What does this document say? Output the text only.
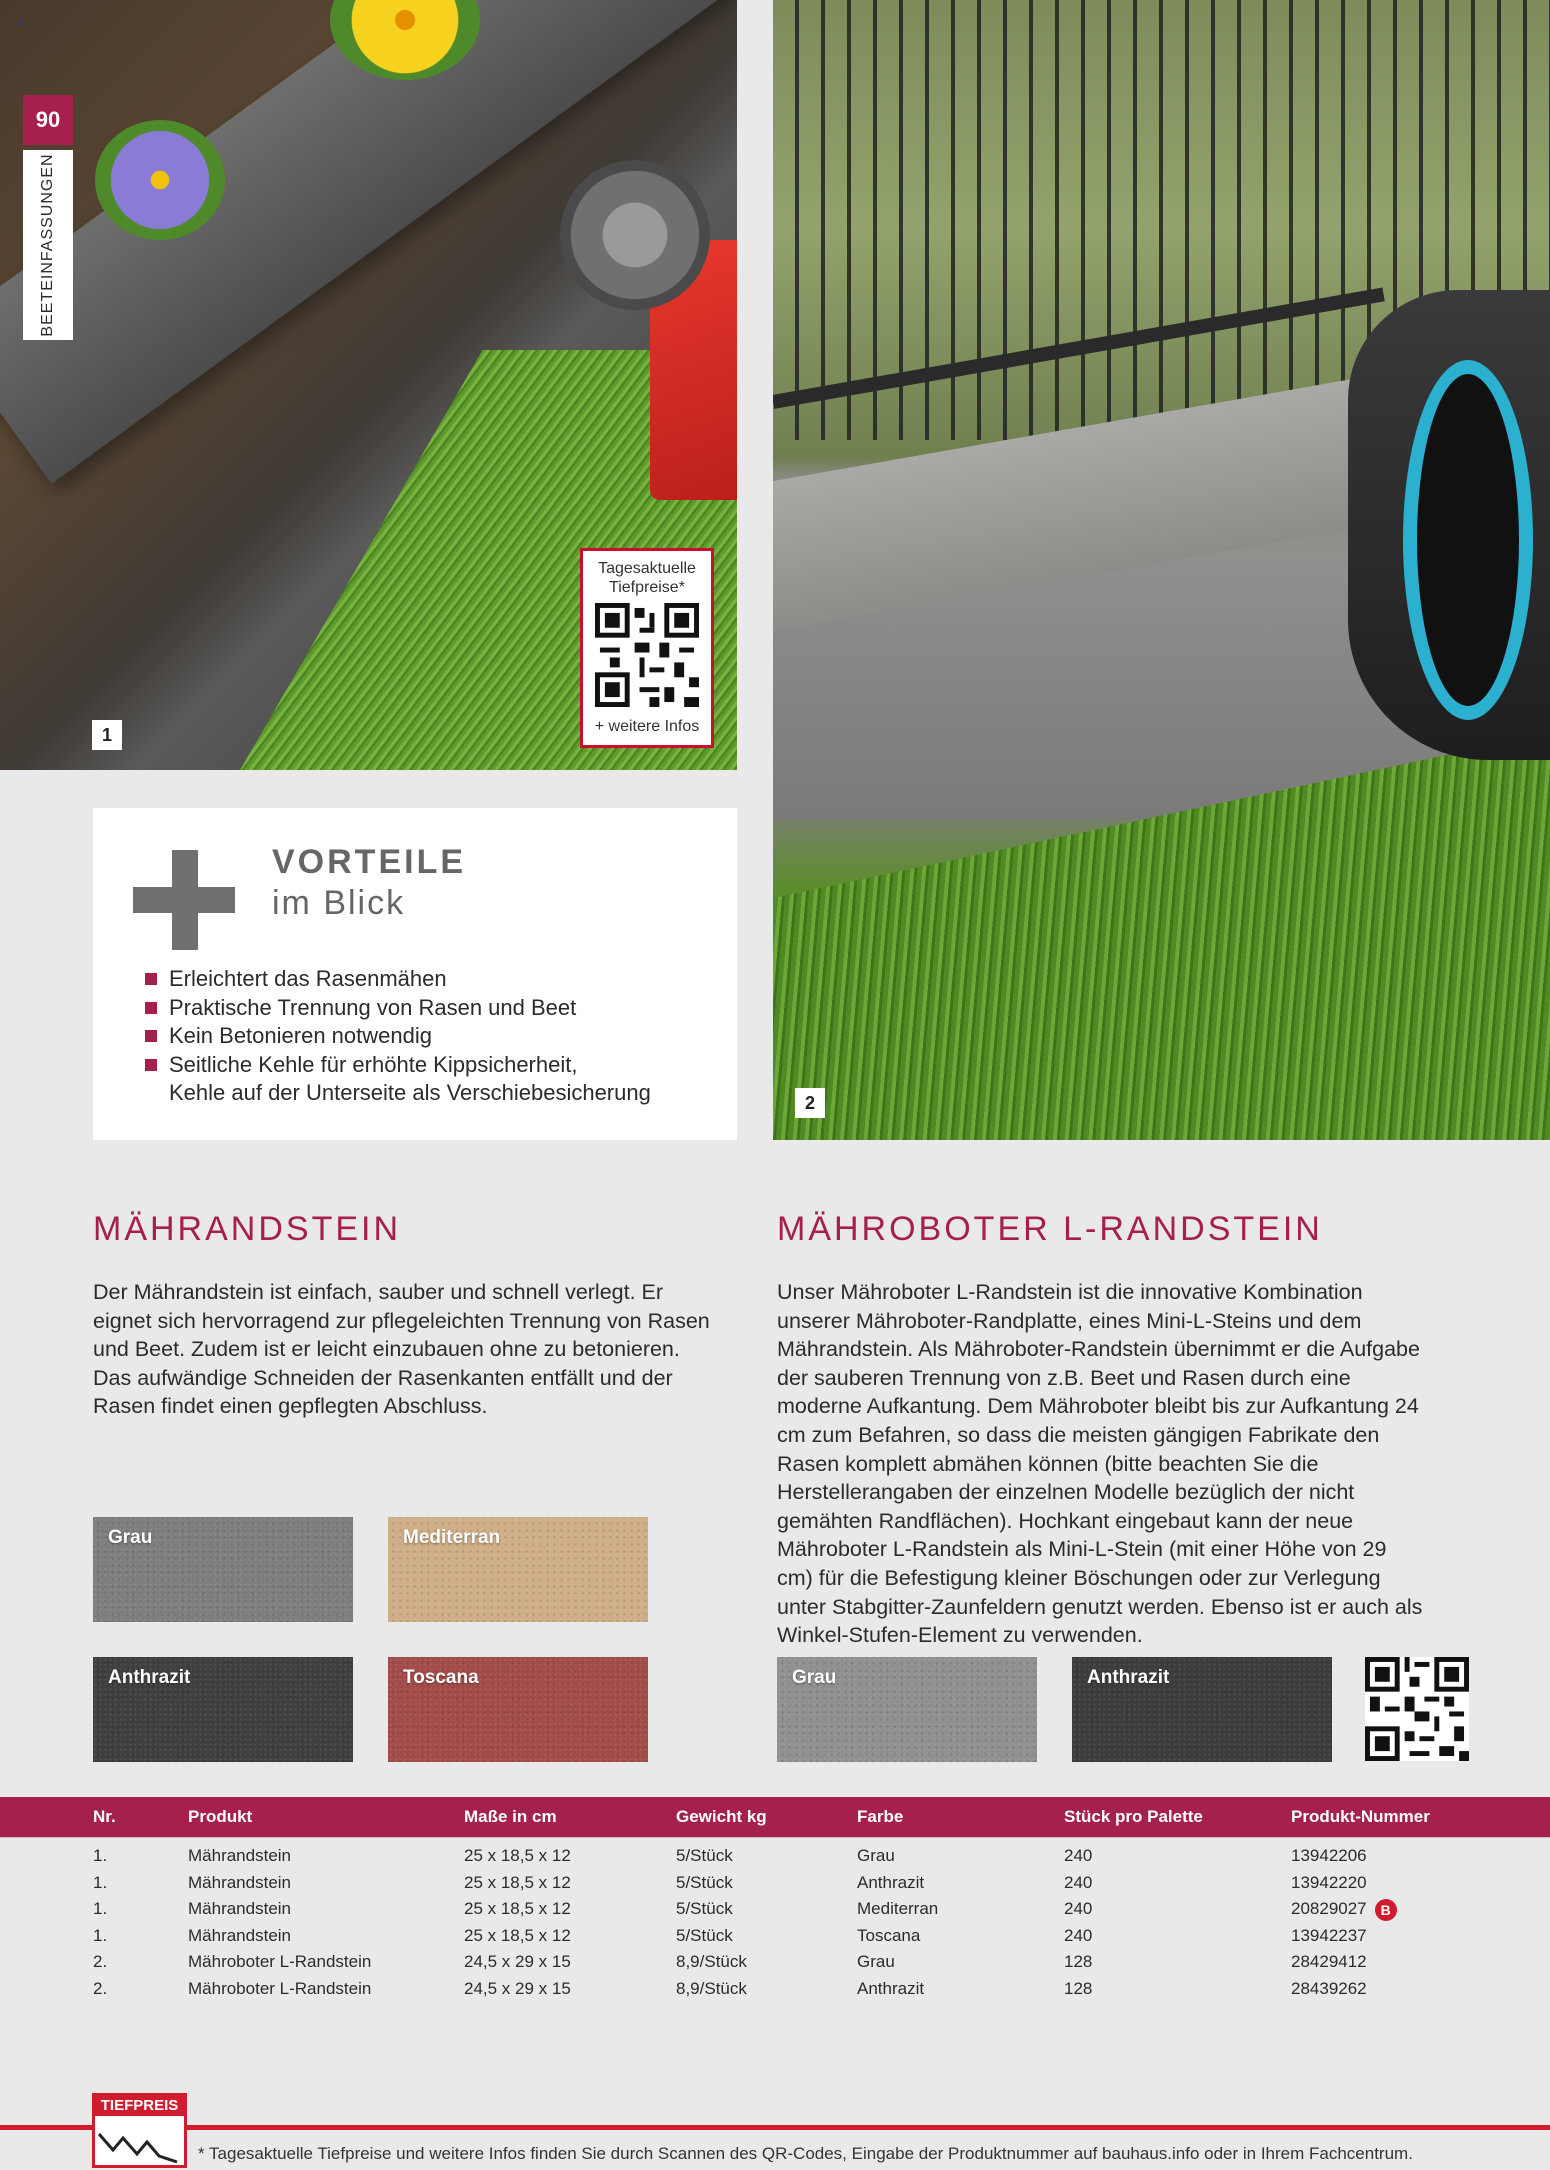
1
2
≡
90
BEETEINFASSUNGEN
Tagesaktuelle Tiefpreise*
+ weitere Infos
VORTEILE
im Blick
Erleichtert das Rasenmähen
Praktische Trennung von Rasen und Beet
Kein Betonieren notwendig
Seitliche Kehle für erhöhte Kippsicherheit,
Kehle auf der Unterseite als Verschiebesicherung
MÄHRANDSTEIN

Der Mährandstein ist einfach, sauber und schnell verlegt. Er eignet sich hervorragend zur pflegeleichten Trennung von Rasen und Beet. Zudem ist er leicht einzubauen ohne zu betonieren. Das aufwändige Schneiden der Rasenkanten entfällt und der Rasen findet einen gepflegten Abschluss.

Grau	Mediterran
Anthrazit	Toscana
MÄHROBOTER L-RANDSTEIN

Unser Mähroboter L-Randstein ist die innovative Kombination unserer Mähroboter-Randplatte, eines Mini-L-Steins und dem Mährandstein. Als Mähroboter-Randstein übernimmt er die Aufgabe der sauberen Trennung von z.B. Beet und Rasen durch eine moderne Aufkantung. Dem Mähroboter bleibt bis zur Aufkantung 24 cm zum Befahren, so dass die meisten gängigen Fabrikate den Rasen komplett abmähen können (bitte beachten Sie die Herstellerangaben der einzelnen Modelle bezüglich der nicht gemähten Randflächen). Hochkant eingebaut kann der neue Mähroboter L-Randstein als Mini-L-Stein (mit einer Höhe von 29 cm) für die Befestigung kleiner Böschungen oder zur Verlegung unter Stabgitter-Zaunfeldern genutzt werden. Ebenso ist er auch als Winkel-Stufen-Element zu verwenden.

Grau	Anthrazit
Nr.	Produkt	Maße in cm	Gewicht kg	Farbe	Stück pro Palette	Produkt-Nummer
1.	Mährandstein	25 x 18,5 x 12	5/Stück	Grau	240	13942206
1.	Mährandstein	25 x 18,5 x 12	5/Stück	Anthrazit	240	13942220
1.	Mährandstein	25 x 18,5 x 12	5/Stück	Mediterran	240	20829027 B
1.	Mährandstein	25 x 18,5 x 12	5/Stück	Toscana	240	13942237
2.	Mähroboter L-Randstein	24,5 x 29 x 15	8,9/Stück	Grau	128	28429412
2.	Mähroboter L-Randstein	24,5 x 29 x 15	8,9/Stück	Anthrazit	128	28439262
TIEFPREIS
* Tagesaktuelle Tiefpreise und weitere Infos finden Sie durch Scannen des QR-Codes, Eingabe der Produktnummer auf bauhaus.info oder in Ihrem Fachcentrum.
